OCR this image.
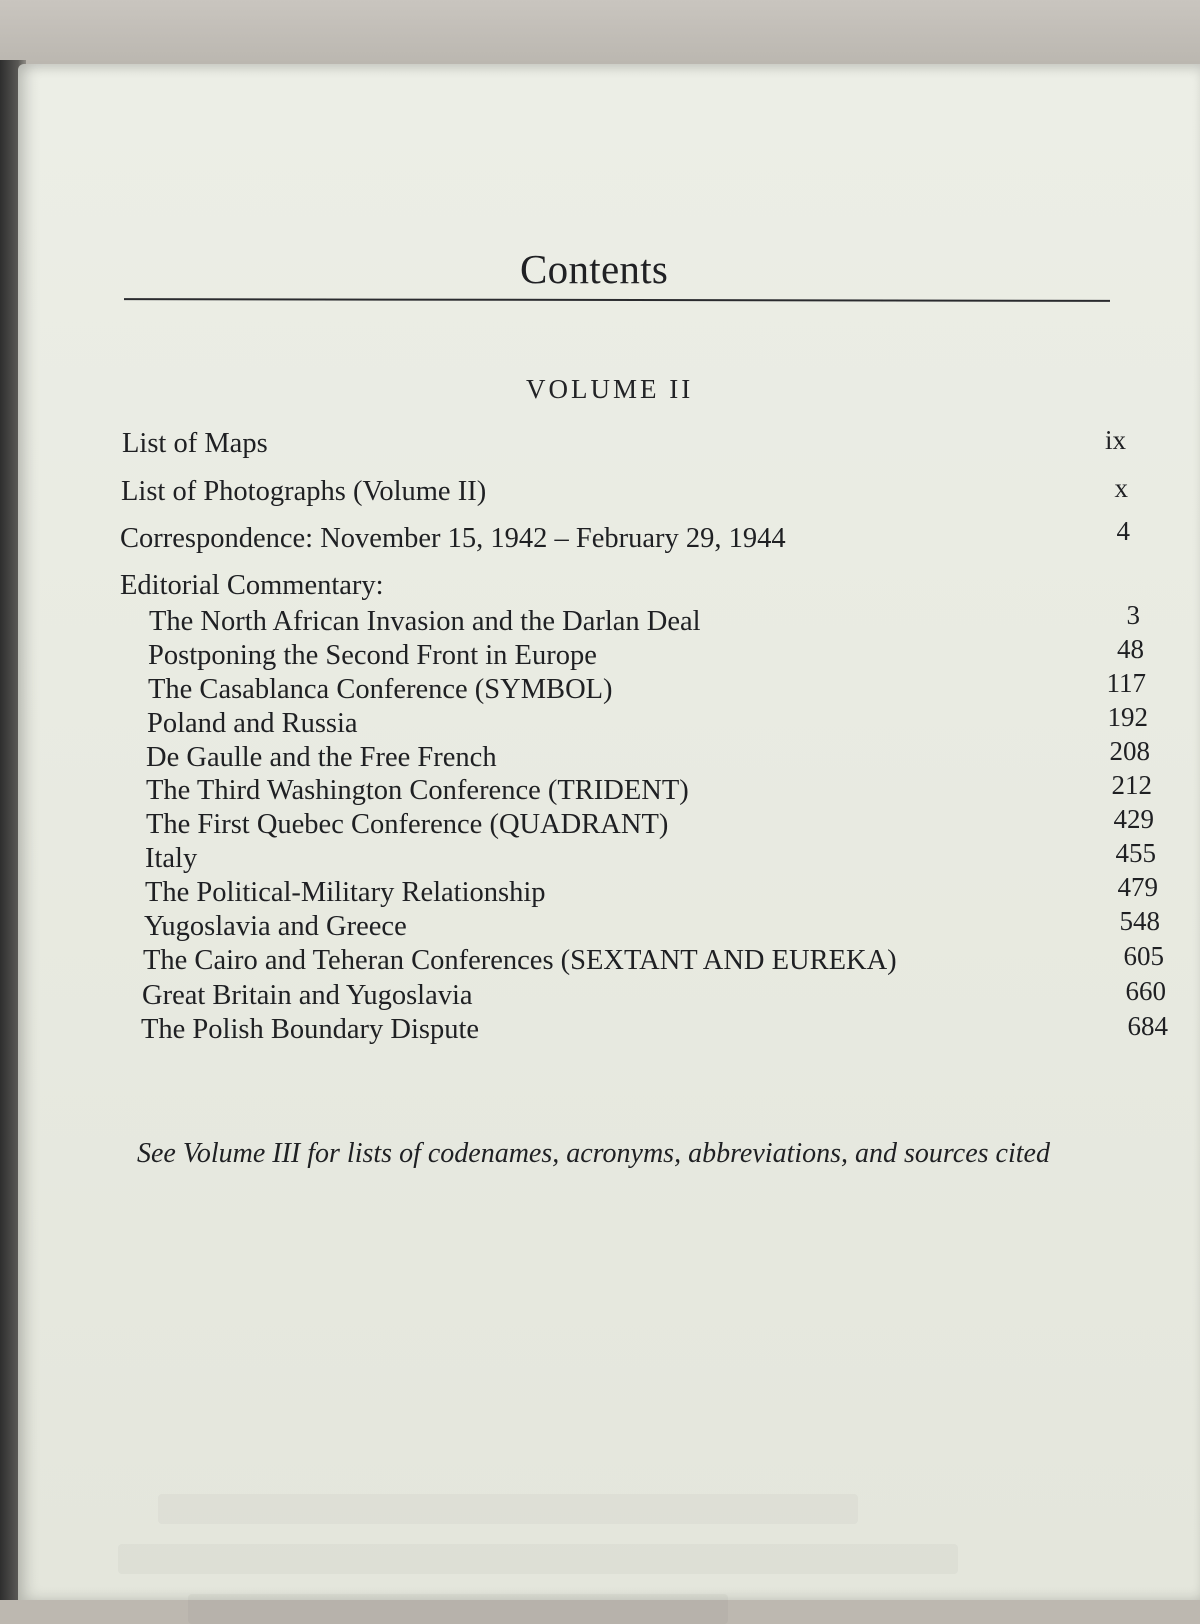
Contents
VOLUME II
List of Maps	ix
List of Photographs (Volume II)	x
Correspondence: November 15, 1942 – February 29, 1944	4
Editorial Commentary:
The North African Invasion and the Darlan Deal	3
Postponing the Second Front in Europe	48
The Casablanca Conference (SYMBOL)	117
Poland and Russia	192
De Gaulle and the Free French	208
The Third Washington Conference (TRIDENT)	212
The First Quebec Conference (QUADRANT)	429
Italy	455
The Political-Military Relationship	479
Yugoslavia and Greece	548
The Cairo and Teheran Conferences (SEXTANT AND EUREKA)	605
Great Britain and Yugoslavia	660
The Polish Boundary Dispute	684
See Volume III for lists of codenames, acronyms, abbreviations, and sources cited
